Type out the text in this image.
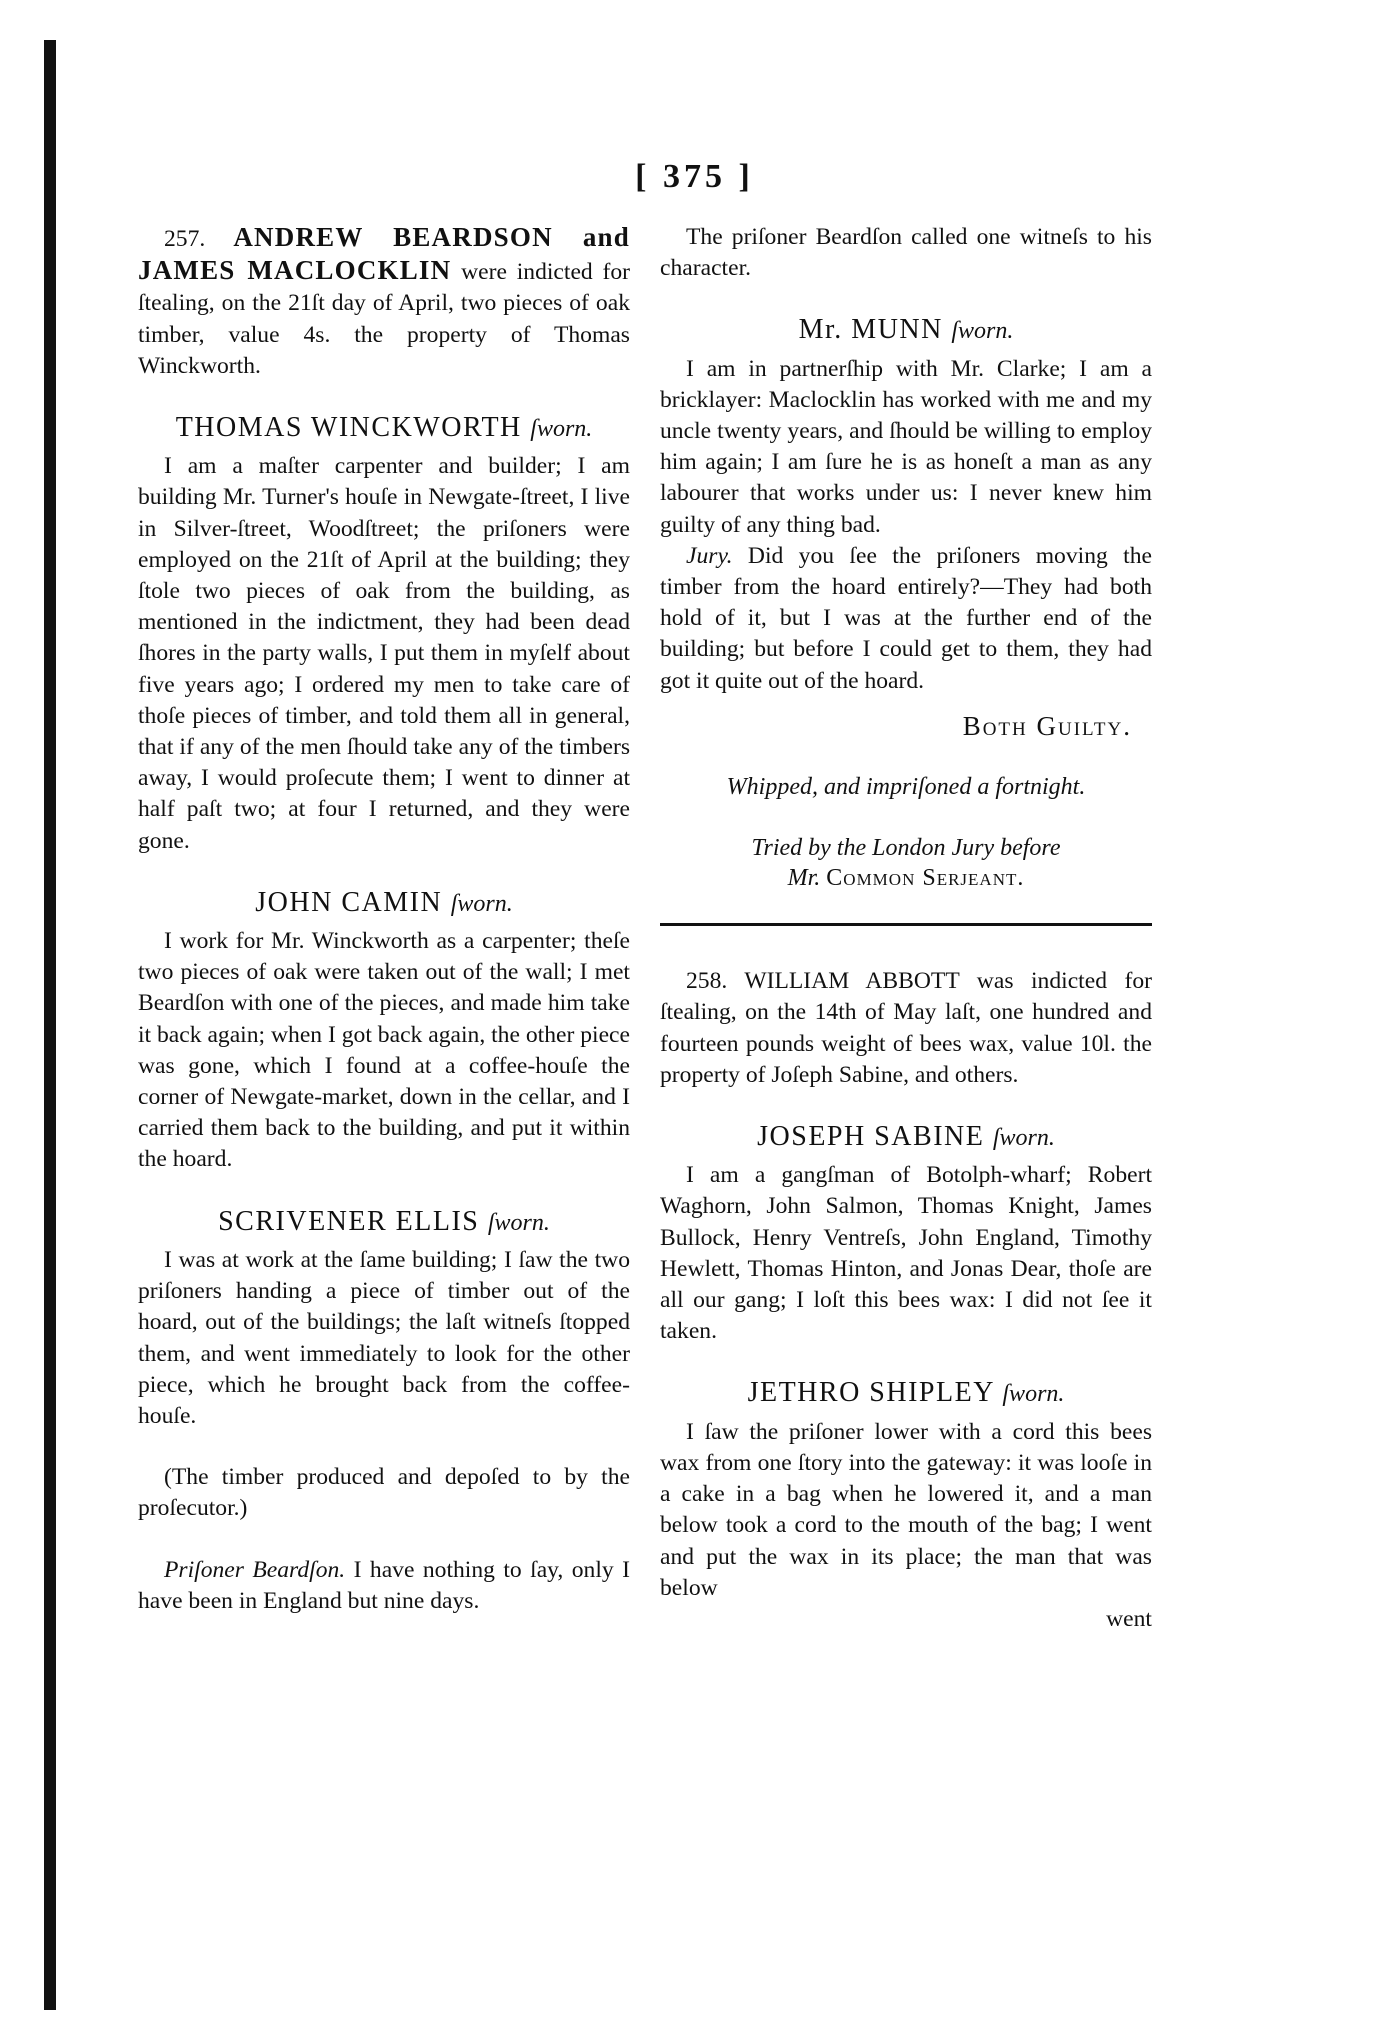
[ 375 ]

257. ANDREW BEARDSON and JAMES MACLOCKLIN were indicted for ſtealing, on the 21ſt day of April, two pieces of oak timber, value 4s. the property of Thomas Winckworth.

THOMAS WINCKWORTH ſworn.

I am a maſter carpenter and builder; I am building Mr. Turner's houſe in Newgate-ſtreet, I live in Silver-ſtreet, Woodſtreet; the priſoners were employed on the 21ſt of April at the building; they ſtole two pieces of oak from the building, as mentioned in the indictment, they had been dead ſhores in the party walls, I put them in myſelf about five years ago; I ordered my men to take care of thoſe pieces of timber, and told them all in general, that if any of the men ſhould take any of the timbers away, I would proſecute them; I went to dinner at half paſt two; at four I returned, and they were gone.

JOHN CAMIN ſworn.

I work for Mr. Winckworth as a carpenter; theſe two pieces of oak were taken out of the wall; I met Beardſon with one of the pieces, and made him take it back again; when I got back again, the other piece was gone, which I found at a coffee-houſe the corner of Newgate-market, down in the cellar, and I carried them back to the building, and put it within the hoard.

SCRIVENER ELLIS ſworn.

I was at work at the ſame building; I ſaw the two priſoners handing a piece of timber out of the hoard, out of the buildings; the laſt witneſs ſtopped them, and went immediately to look for the other piece, which he brought back from the coffee-houſe.

(The timber produced and depoſed to by the proſecutor.)

Priſoner Beardſon. I have nothing to ſay, only I have been in England but nine days.

The priſoner Beardſon called one witneſs to his character.

Mr. MUNN ſworn.

I am in partnerſhip with Mr. Clarke; I am a bricklayer: Maclocklin has worked with me and my uncle twenty years, and ſhould be willing to employ him again; I am ſure he is as honeſt a man as any labourer that works under us: I never knew him guilty of any thing bad.

Jury. Did you ſee the priſoners moving the timber from the hoard entirely?—They had both hold of it, but I was at the further end of the building; but before I could get to them, they had got it quite out of the hoard.

Both Guilty.

Whipped, and impriſoned a fortnight.

Tried by the London Jury before
Mr. Common Serjeant.

258. WILLIAM ABBOTT was indicted for ſtealing, on the 14th of May laſt, one hundred and fourteen pounds weight of bees wax, value 10l. the property of Joſeph Sabine, and others.

JOSEPH SABINE ſworn.

I am a gangſman of Botolph-wharf; Robert Waghorn, John Salmon, Thomas Knight, James Bullock, Henry Ventreſs, John England, Timothy Hewlett, Thomas Hinton, and Jonas Dear, thoſe are all our gang; I loſt this bees wax: I did not ſee it taken.

JETHRO SHIPLEY ſworn.

I ſaw the priſoner lower with a cord this bees wax from one ſtory into the gateway: it was looſe in a cake in a bag when he lowered it, and a man below took a cord to the mouth of the bag; I went and put the wax in its place; the man that was below

went
